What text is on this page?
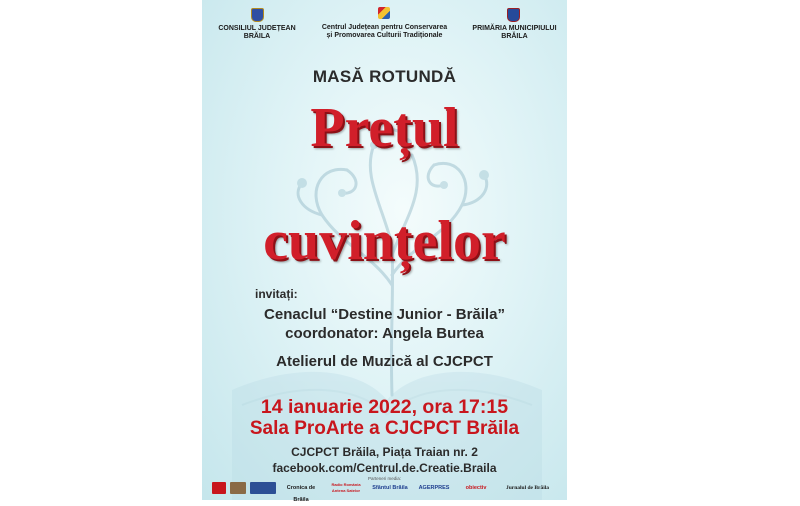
CONSILIUL JUDEȚEAN
BRĂILA
Centrul Județean pentru Conservarea
și Promovarea Culturii Tradiționale
PRIMĂRIA MUNICIPIULUI
BRĂILA
MASĂ ROTUNDĂ
Prețul
cuvințelor
invitați:
Cenaclul “Destine Junior - Brăila”
coordonator: Angela Burtea
Atelierul de Muzică al CJCPCT
14 ianuarie 2022, ora 17:15
Sala ProArte a CJCPCT Brăila
CJCPCT Brăila, Piața Traian nr. 2
facebook.com/Centrul.de.Creatie.Braila
Parteneri media:
Cronica de Brăila
Radio România Antena Satelor	Sfântul Brăila	AGERPRES	obiectiv	Jurnalul de Brăila
